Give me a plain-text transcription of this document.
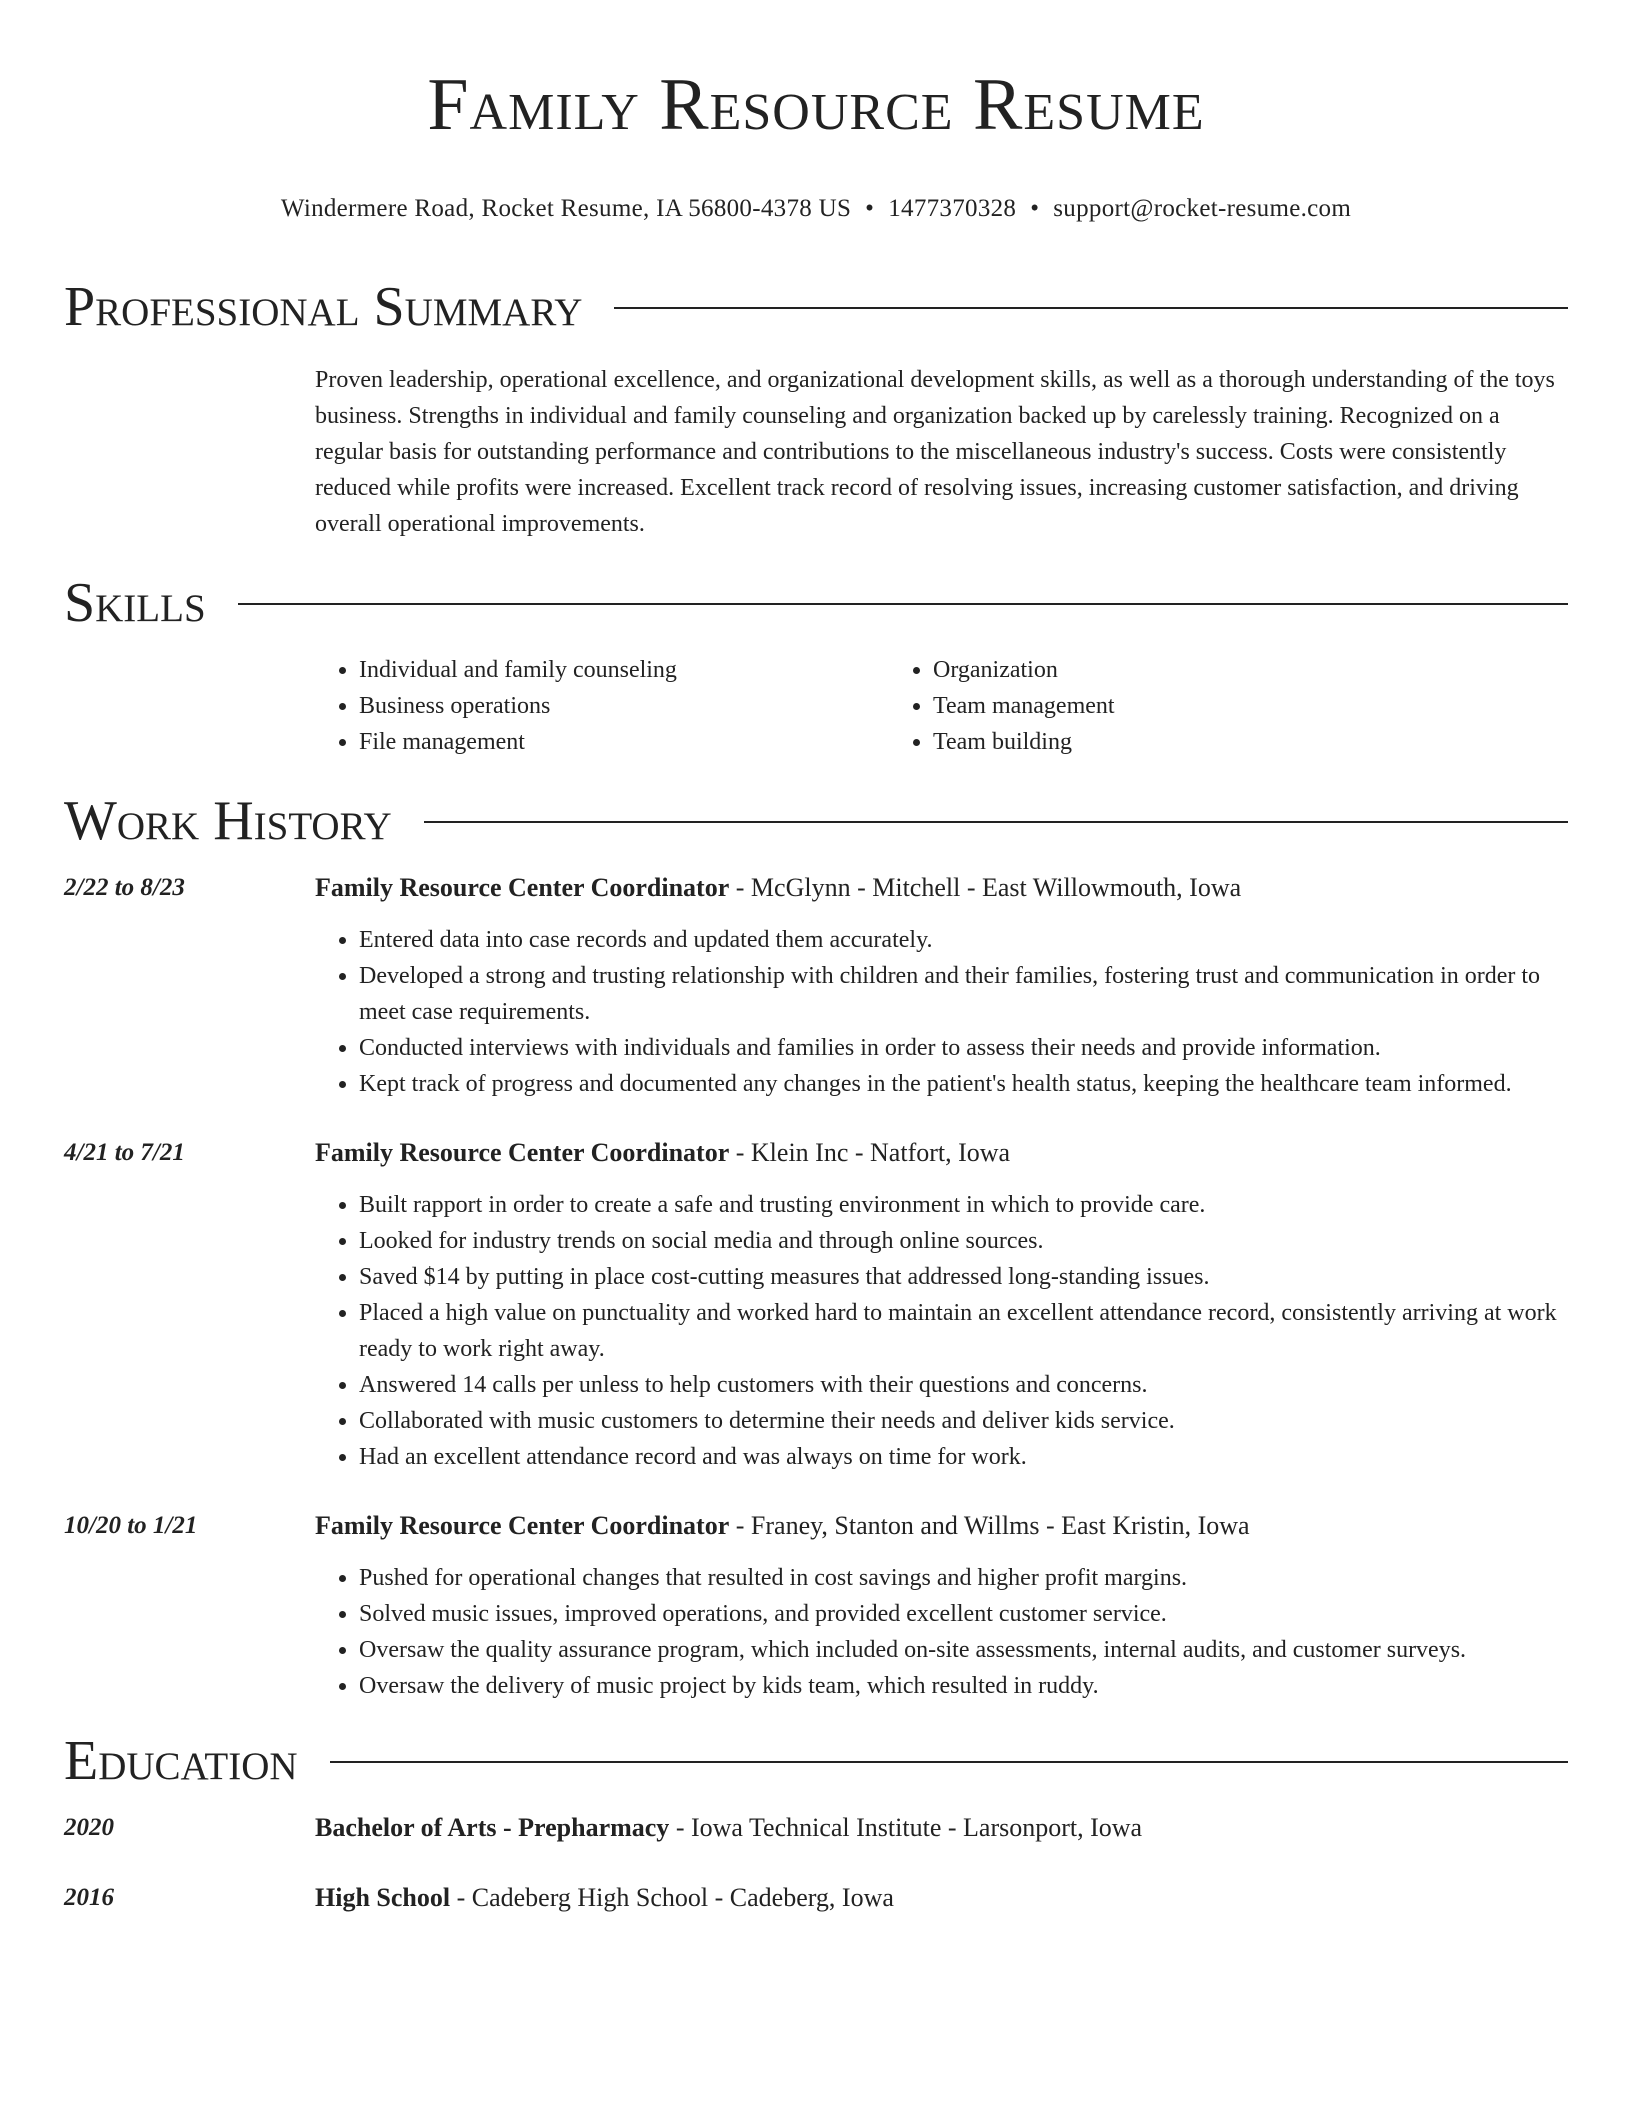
Family Resource Resume
Windermere Road, Rocket Resume, IA 56800-4378 US • 1477370328 • support@rocket-resume.com
Professional Summary
Proven leadership, operational excellence, and organizational development skills, as well as a thorough understanding of the toys business. Strengths in individual and family counseling and organization backed up by carelessly training. Recognized on a regular basis for outstanding performance and contributions to the miscellaneous industry's success. Costs were consistently reduced while profits were increased. Excellent track record of resolving issues, increasing customer satisfaction, and driving overall operational improvements.
Skills
• Individual and family counseling
• Business operations
• File management
• Organization
• Team management
• Team building
Work History
2/22 to 8/23	Family Resource Center Coordinator - McGlynn - Mitchell - East Willowmouth, Iowa
• Entered data into case records and updated them accurately.
• Developed a strong and trusting relationship with children and their families, fostering trust and communication in order to meet case requirements.
• Conducted interviews with individuals and families in order to assess their needs and provide information.
• Kept track of progress and documented any changes in the patient's health status, keeping the healthcare team informed.
4/21 to 7/21	Family Resource Center Coordinator - Klein Inc - Natfort, Iowa
• Built rapport in order to create a safe and trusting environment in which to provide care.
• Looked for industry trends on social media and through online sources.
• Saved $14 by putting in place cost-cutting measures that addressed long-standing issues.
• Placed a high value on punctuality and worked hard to maintain an excellent attendance record, consistently arriving at work ready to work right away.
• Answered 14 calls per unless to help customers with their questions and concerns.
• Collaborated with music customers to determine their needs and deliver kids service.
• Had an excellent attendance record and was always on time for work.
10/20 to 1/21	Family Resource Center Coordinator - Franey, Stanton and Willms - East Kristin, Iowa
• Pushed for operational changes that resulted in cost savings and higher profit margins.
• Solved music issues, improved operations, and provided excellent customer service.
• Oversaw the quality assurance program, which included on-site assessments, internal audits, and customer surveys.
• Oversaw the delivery of music project by kids team, which resulted in ruddy.
Education
2020	Bachelor of Arts - Prepharmacy - Iowa Technical Institute - Larsonport, Iowa
2016	High School - Cadeberg High School - Cadeberg, Iowa
